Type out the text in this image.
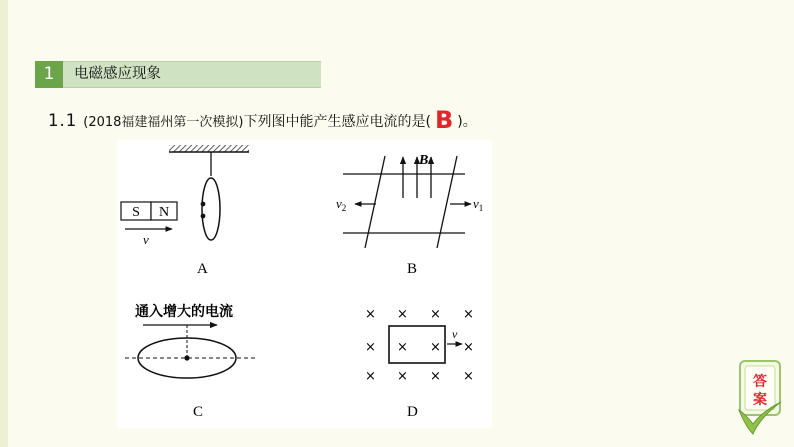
1	电磁感应现象
1.1 (2018福建福州第一次模拟)下列图中能产生感应电流的是( B )。
S N
v
A
B
$v_2$	$v_1$
B
通入增大的电流
C
× × × ×
× × × ×
× × × ×
v
D
答
案
